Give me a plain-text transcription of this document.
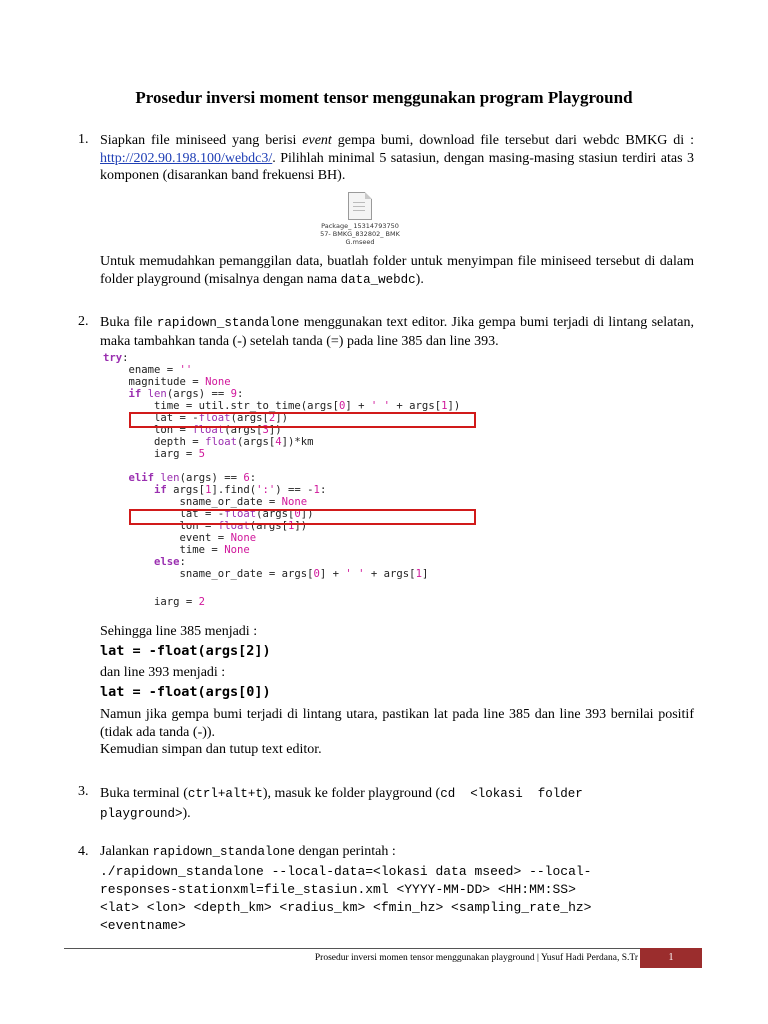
Prosedur inversi moment tensor menggunakan program Playground
1. Siapkan file miniseed yang berisi event gempa bumi, download file tersebut dari webdc BMKG di : http://202.90.198.100/webdc3/. Pilihlah minimal 5 satasiun, dengan masing-masing stasiun terdiri atas 3 komponen (disarankan band frekuensi BH).
Package_ 1531479375057- BMKG_832802_ BMKG.mseed
Untuk memudahkan pemanggilan data, buatlah folder untuk menyimpan file miniseed tersebut di dalam folder playground (misalnya dengan nama data_webdc).
2. Buka file rapidown_standalone menggunakan text editor. Jika gempa bumi terjadi di lintang selatan, maka tambahkan tanda (-) setelah tanda (=) pada line 385 dan line 393.
try:
ename = ''
magnitude = None
if len(args) == 9:
time = util.str_to_time(args[0] + ' ' + args[1])
lat = -float(args[2])
lon = float(args[3])
depth = float(args[4])*km
iarg = 5
elif len(args) == 6:
if args[1].find(':') == -1:
sname_or_date = None
lat = -float(args[0])
lon = float(args[1])
event = None
time = None
else:
sname_or_date = args[0] + ' ' + args[1]
iarg = 2
Sehingga line 385 menjadi :
lat = -float(args[2])
dan line 393 menjadi :
lat = -float(args[0])
Namun jika gempa bumi terjadi di lintang utara, pastikan lat pada line 385 dan line 393 bernilai positif (tidak ada tanda (-)).
Kemudian simpan dan tutup text editor.
3. Buka terminal (ctrl+alt+t), masuk ke folder playground (cd  <lokasi  folder
playground>).
4. Jalankan rapidown_standalone dengan perintah :
./rapidown_standalone --local-data=<lokasi data mseed> --local-
responses-stationxml=file_stasiun.xml <YYYY-MM-DD> <HH:MM:SS>
<lat> <lon> <depth_km> <radius_km> <fmin_hz> <sampling_rate_hz>
<eventname>
Prosedur inversi momen tensor menggunakan playground | Yusuf Hadi Perdana, S.Tr	1
